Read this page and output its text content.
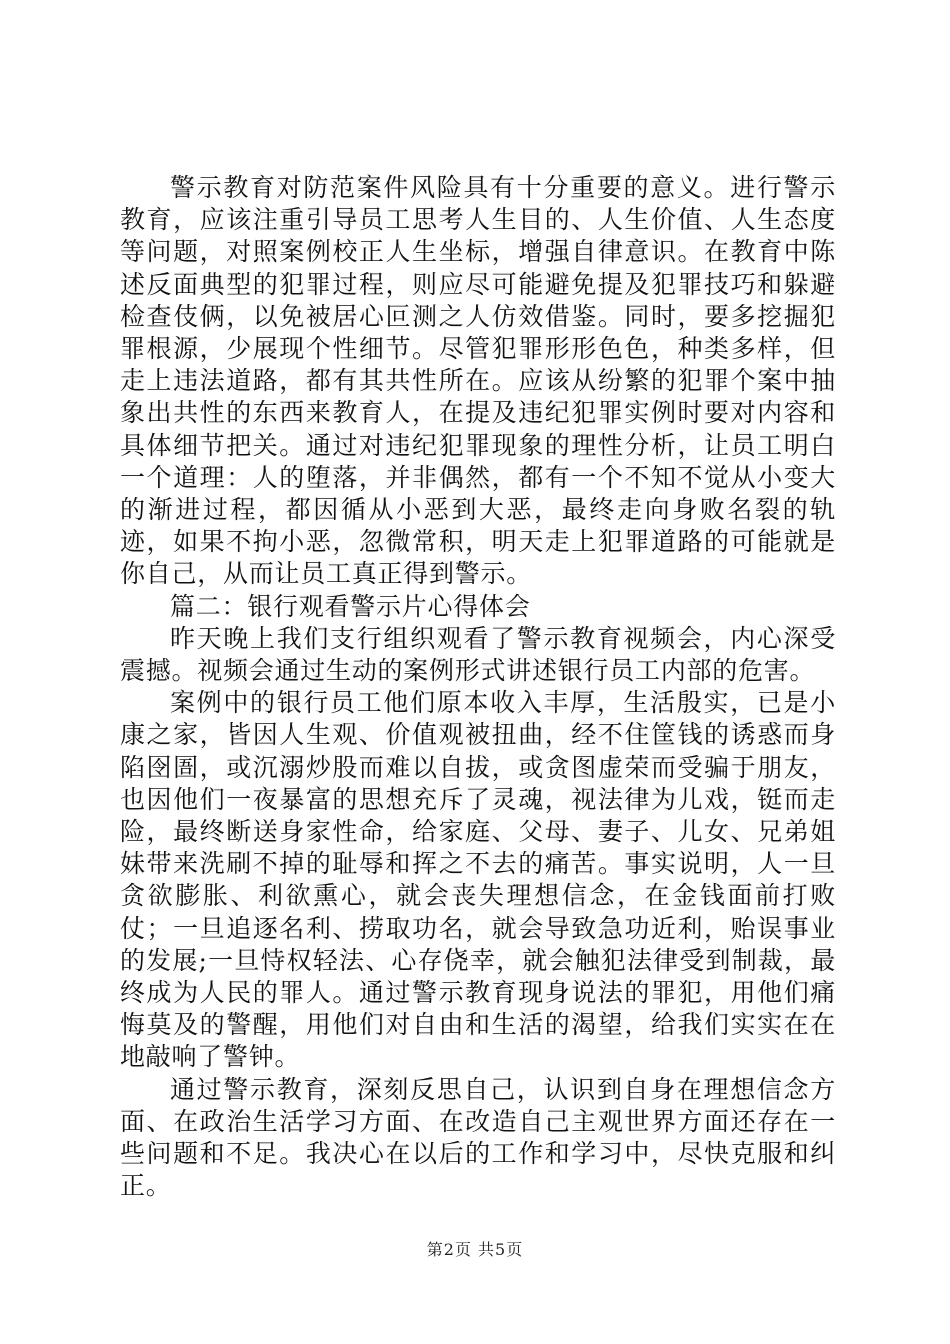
警示教育对防范案件风险具有十分重要的意义。进行警示教育，应该注重引导员工思考人生目的、人生价值、人生态度等问题，对照案例校正人生坐标，增强自律意识。在教育中陈述反面典型的犯罪过程，则应尽可能避免提及犯罪技巧和躲避检查伎俩，以免被居心叵测之人仿效借鉴。同时，要多挖掘犯罪根源，少展现个性细节。尽管犯罪形形色色，种类多样，但走上违法道路，都有其共性所在。应该从纷繁的犯罪个案中抽象出共性的东西来教育人，在提及违纪犯罪实例时要对内容和具体细节把关。通过对违纪犯罪现象的理性分析，让员工明白一个道理：人的堕落，并非偶然，都有一个不知不觉从小变大的渐进过程，都因循从小恶到大恶，最终走向身败名裂的轨迹，如果不拘小恶，忽微常积，明天走上犯罪道路的可能就是你自己，从而让员工真正得到警示。

篇二：银行观看警示片心得体会

昨天晚上我们支行组织观看了警示教育视频会，内心深受震撼。视频会通过生动的案例形式讲述银行员工内部的危害。

案例中的银行员工他们原本收入丰厚，生活殷实，已是小康之家，皆因人生观、价值观被扭曲，经不住筐钱的诱惑而身陷囹圄，或沉溺炒股而难以自拔，或贪图虚荣而受骗于朋友，也因他们一夜暴富的思想充斥了灵魂，视法律为儿戏，铤而走险，最终断送身家性命，给家庭、父母、妻子、儿女、兄弟姐妹带来洗刷不掉的耻辱和挥之不去的痛苦。事实说明，人一旦贪欲膨胀、利欲熏心，就会丧失理想信念，在金钱面前打败仗；一旦追逐名利、捞取功名，就会导致急功近利，贻误事业的发展;一旦恃权轻法、心存侥幸，就会触犯法律受到制裁，最终成为人民的罪人。通过警示教育现身说法的罪犯，用他们痛悔莫及的警醒，用他们对自由和生活的渴望，给我们实实在在地敲响了警钟。

通过警示教育，深刻反思自己，认识到自身在理想信念方面、在政治生活学习方面、在改造自己主观世界方面还存在一些问题和不足。我决心在以后的工作和学习中，尽快克服和纠正。

第2页 共5页
